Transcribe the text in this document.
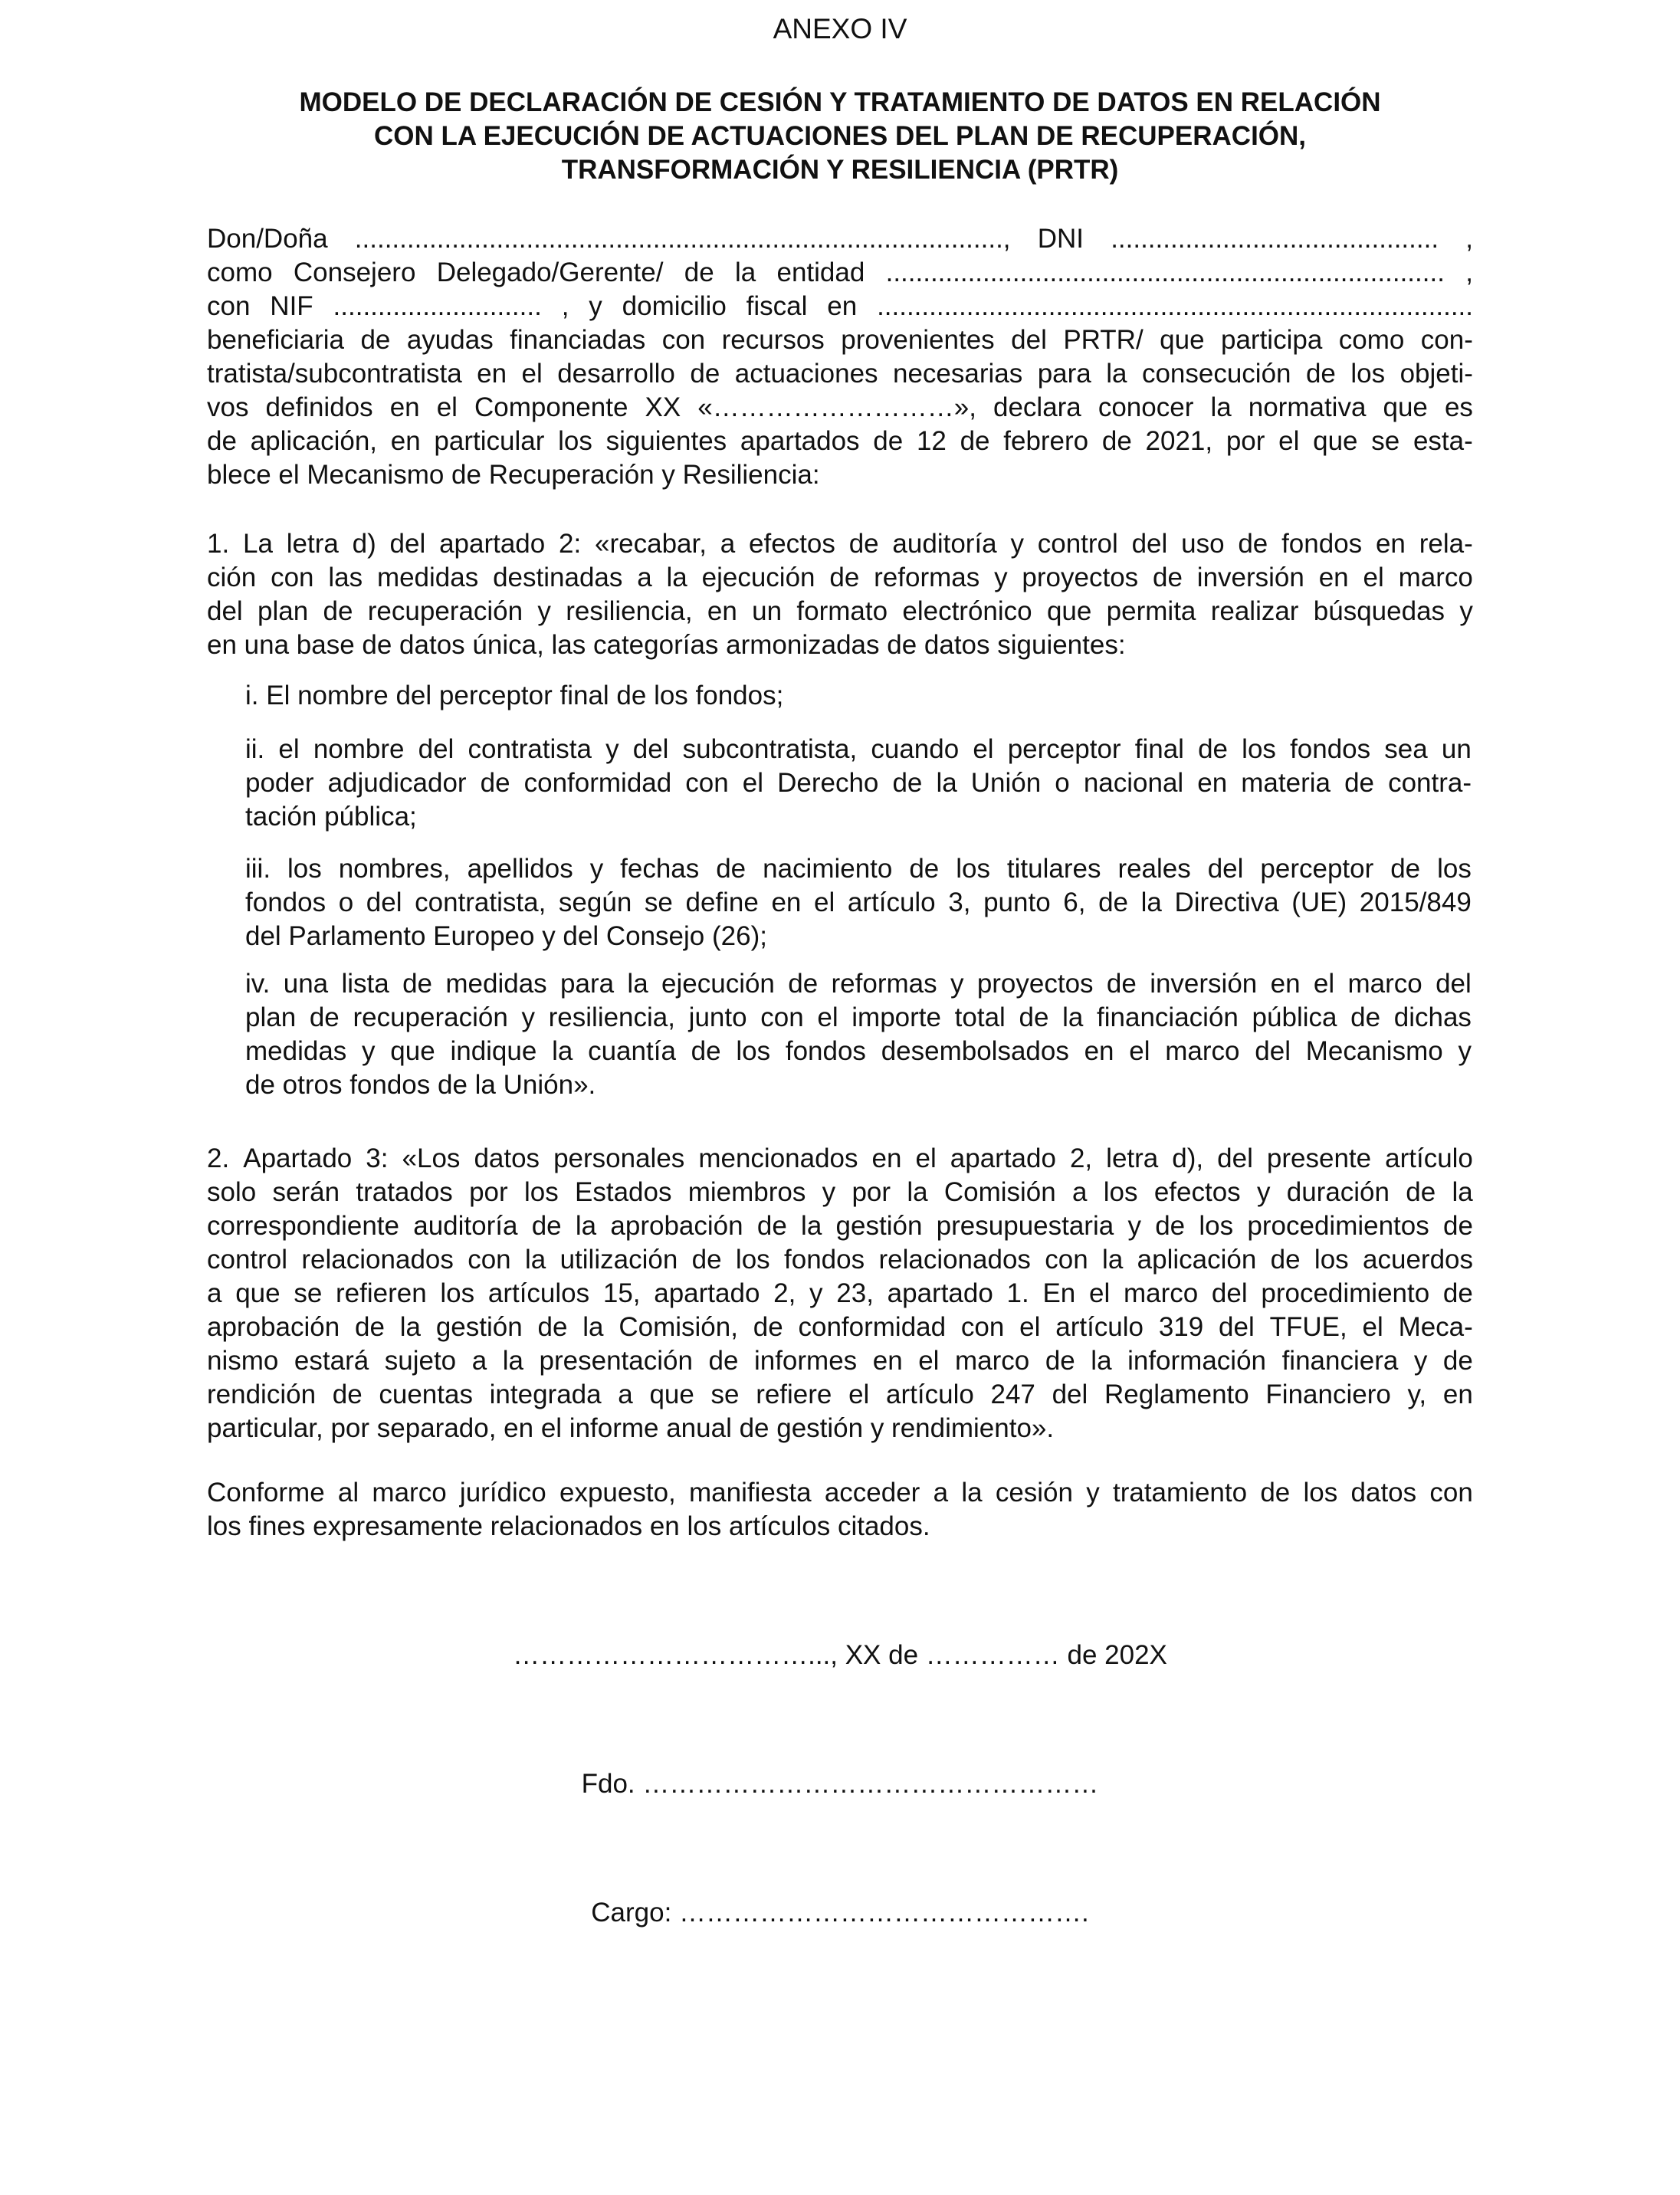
ANEXO IV
MODELO DE DECLARACIÓN DE CESIÓN Y TRATAMIENTO DE DATOS EN RELACIÓN
CON LA EJECUCIÓN DE ACTUACIONES DEL PLAN DE RECUPERACIÓN,
TRANSFORMACIÓN Y RESILIENCIA (PRTR)
Don/Doña ......................................................................................., DNI ............................................ ,
como Consejero Delegado/Gerente/ de la entidad ........................................................................... ,
con NIF ............................ , y domicilio fiscal en ................................................................................
beneficiaria de ayudas financiadas con recursos provenientes del PRTR/ que participa como con-
tratista/subcontratista en el desarrollo de actuaciones necesarias para la consecución de los objeti-
vos definidos en el Componente XX «………………………», declara conocer la normativa que es
de aplicación, en particular los siguientes apartados de 12 de febrero de 2021, por el que se esta-
blece el Mecanismo de Recuperación y Resiliencia:
1. La letra d) del apartado 2: «recabar, a efectos de auditoría y control del uso de fondos en rela-
ción con las medidas destinadas a la ejecución de reformas y proyectos de inversión en el marco
del plan de recuperación y resiliencia, en un formato electrónico que permita realizar búsquedas y
en una base de datos única, las categorías armonizadas de datos siguientes:
i. El nombre del perceptor final de los fondos;
ii. el nombre del contratista y del subcontratista, cuando el perceptor final de los fondos sea un
poder adjudicador de conformidad con el Derecho de la Unión o nacional en materia de contra-
tación pública;
iii. los nombres, apellidos y fechas de nacimiento de los titulares reales del perceptor de los
fondos o del contratista, según se define en el artículo 3, punto 6, de la Directiva (UE) 2015/849
del Parlamento Europeo y del Consejo (26);
iv. una lista de medidas para la ejecución de reformas y proyectos de inversión en el marco del
plan de recuperación y resiliencia, junto con el importe total de la financiación pública de dichas
medidas y que indique la cuantía de los fondos desembolsados en el marco del Mecanismo y
de otros fondos de la Unión».
2. Apartado 3: «Los datos personales mencionados en el apartado 2, letra d), del presente artículo
solo serán tratados por los Estados miembros y por la Comisión a los efectos y duración de la
correspondiente auditoría de la aprobación de la gestión presupuestaria y de los procedimientos de
control relacionados con la utilización de los fondos relacionados con la aplicación de los acuerdos
a que se refieren los artículos 15, apartado 2, y 23, apartado 1. En el marco del procedimiento de
aprobación de la gestión de la Comisión, de conformidad con el artículo 319 del TFUE, el Meca-
nismo estará sujeto a la presentación de informes en el marco de la información financiera y de
rendición de cuentas integrada a que se refiere el artículo 247 del Reglamento Financiero y, en
particular, por separado, en el informe anual de gestión y rendimiento».
Conforme al marco jurídico expuesto, manifiesta acceder a la cesión y tratamiento de los datos con
los fines expresamente relacionados en los artículos citados.
……………………………..., XX de …………… de 202X
Fdo. ……………………………………………
Cargo: ……………………………………….
